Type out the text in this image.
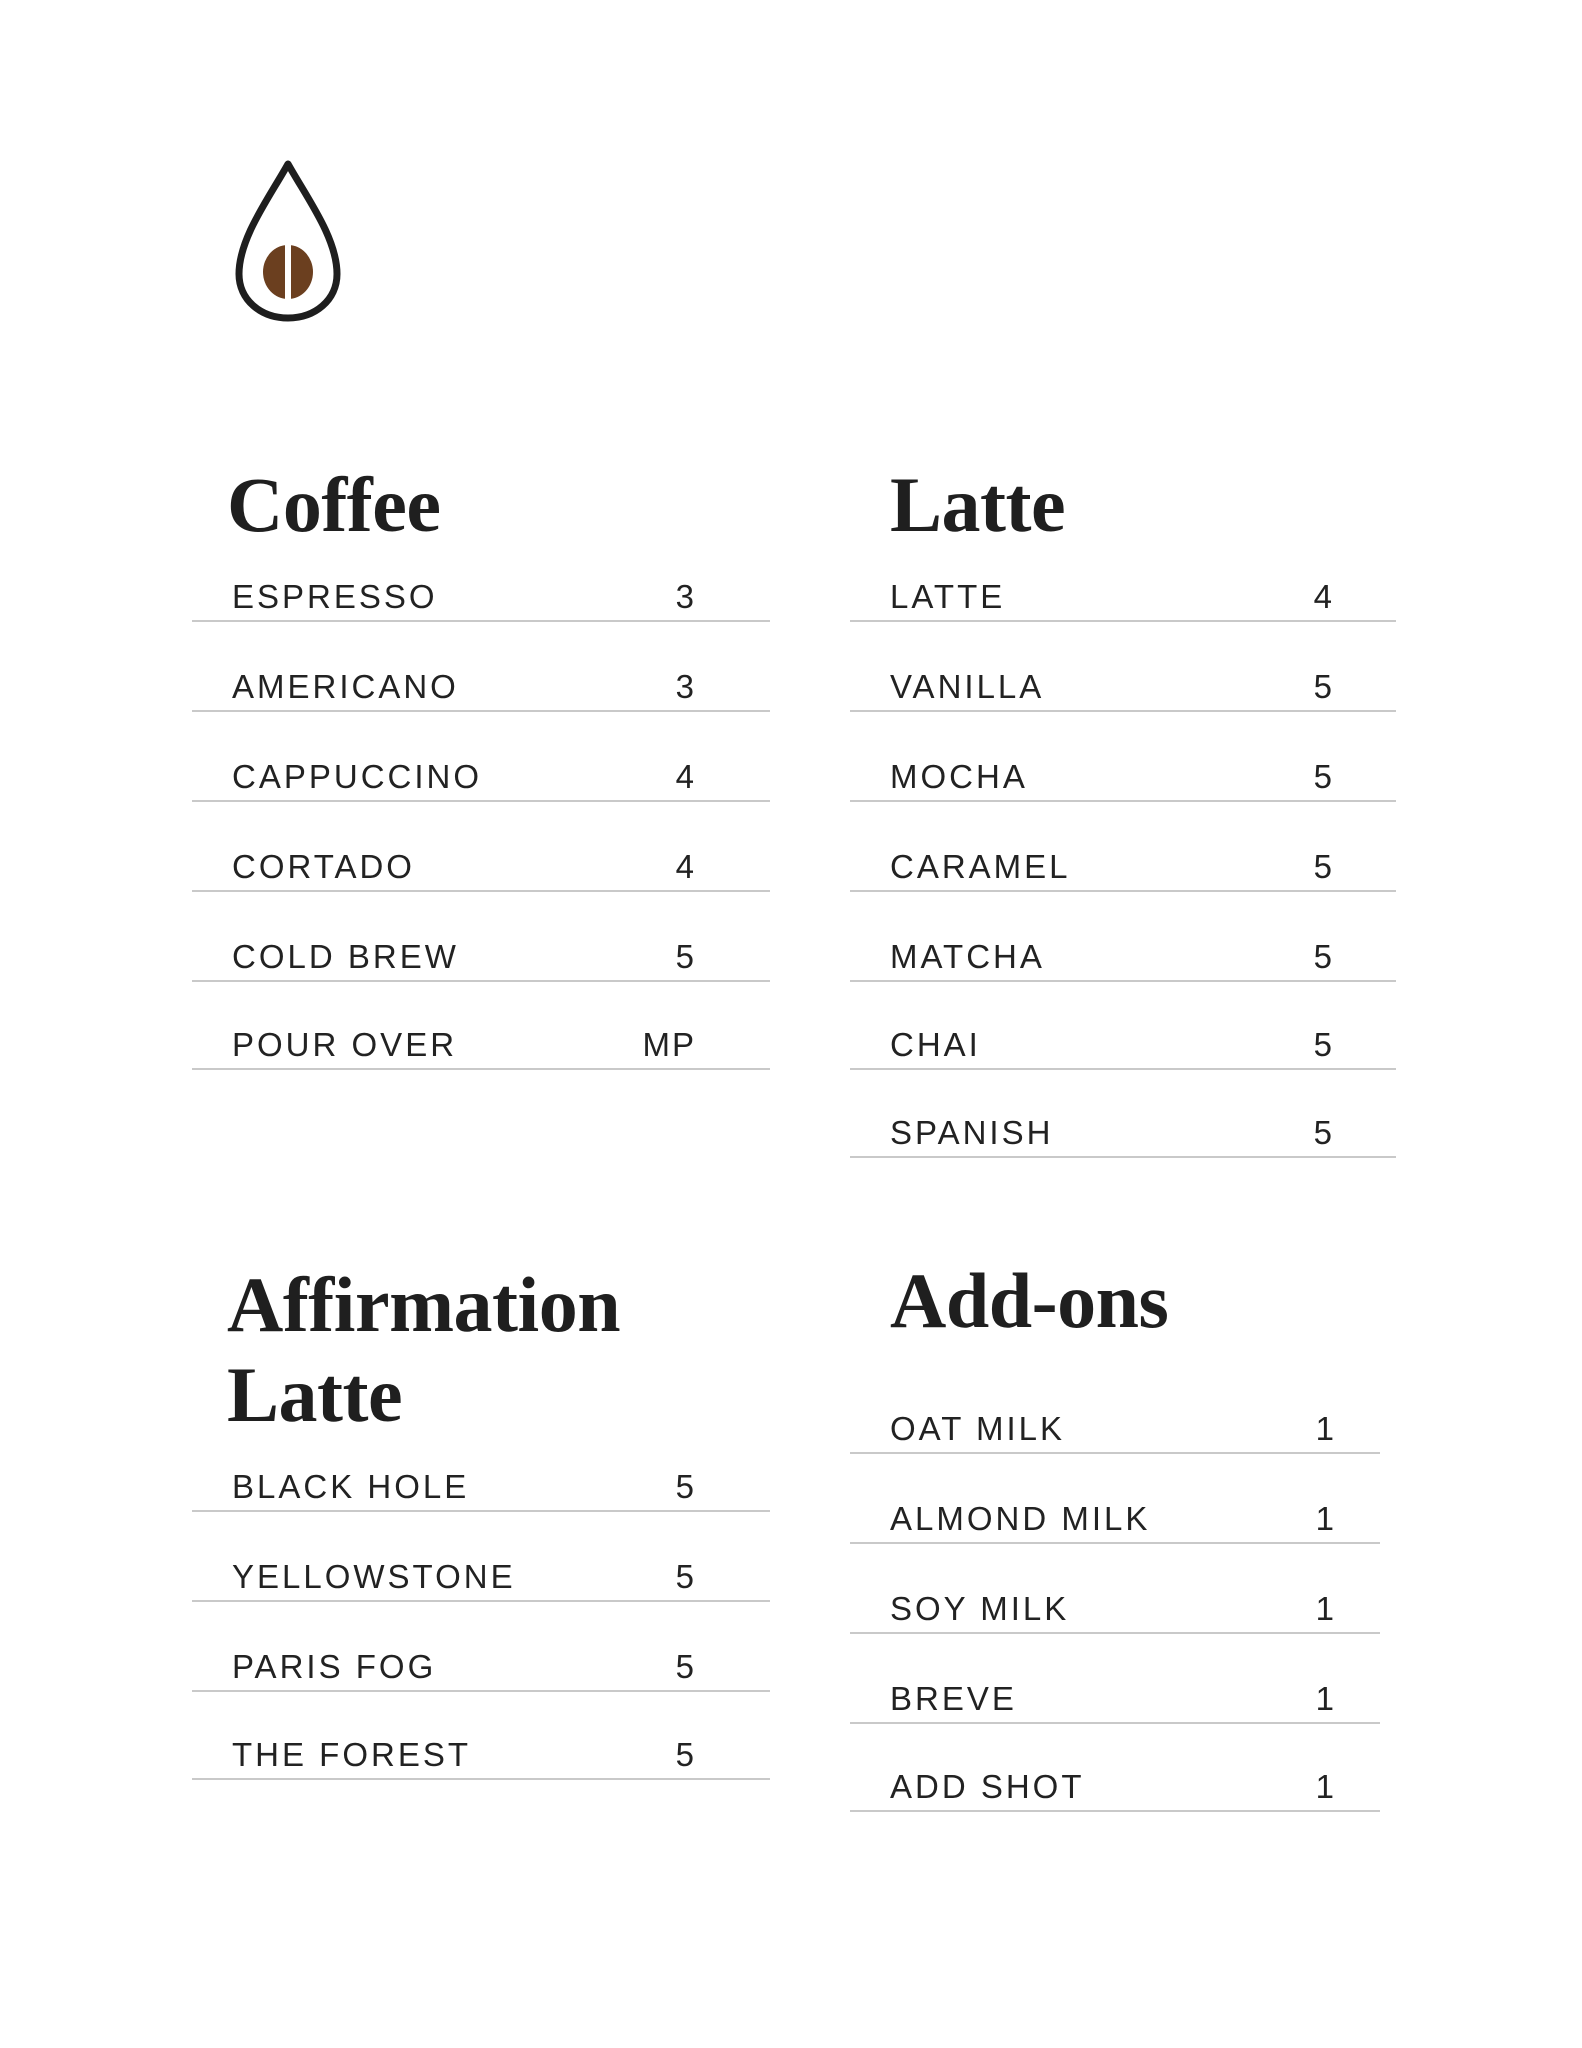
Coffee
ESPRESSO	3
AMERICANO	3
CAPPUCCINO	4
CORTADO	4
COLD BREW	5
POUR OVER	MP
Latte
LATTE	4
VANILLA	5
MOCHA	5
CARAMEL	5
MATCHA	5
CHAI	5
SPANISH	5
Affirmation
Latte
BLACK HOLE	5
YELLOWSTONE	5
PARIS FOG	5
THE FOREST	5
Add-ons
OAT MILK	1
ALMOND MILK	1
SOY MILK	1
BREVE	1
ADD SHOT	1
